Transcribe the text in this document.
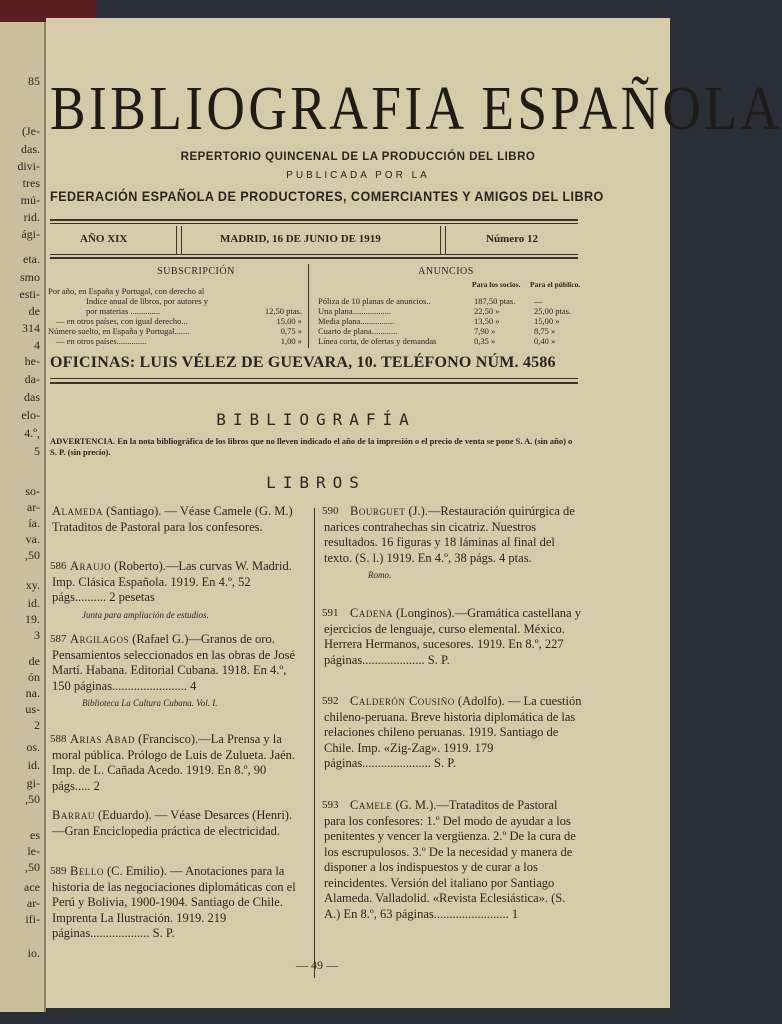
85
(Je-
das.
divi-
tres
mú-
rid.
ági-
eta.
smo
esti-
de
314
4
he-
da-
das
elo-
4.º,
5
so-
ar-
ía.
va.
,50
xy.
id.
19.
3
de
ón
na.
us-
2
os.
id.
gi-
,50
es
le-
,50
ace
ar-
ifi-
io.
BIBLIOGRAFIA ESPAÑOLA
REPERTORIO QUINCENAL DE LA PRODUCCIÓN DEL LIBRO
PUBLICADA POR LA
FEDERACIÓN ESPAÑOLA DE PRODUCTORES, COMERCIANTES Y AMIGOS DEL LIBRO
AÑO XIX	MADRID, 16 DE JUNIO DE 1919	Número 12
SUBSCRIPCIÓN	ANUNCIOS
Por año, en España y Portugal, con derecho al
Indice anual de libros, por autores y
por materias ..............	12,50 ptas.
— en otros países, con igual derecho...	15,00 »
Número suelto, en España y Portugal.......	0,75 »
— en otros países..............	1,00 »
Para los socios. Para el público.
Póliza de 10 planas de anuncios..	187,50 ptas. —
Una plana..................	22,50 »	25,00 ptas.
Media plana................	13,50 »	15,00 »
Cuarto de plana............	7,90 »	8,75 »
Línea corta, de ofertas y demandas	0,35 »	0,40 »
OFICINAS: LUIS VÉLEZ DE GUEVARA, 10. TELÉFONO NÚM. 4586
BIBLIOGRAFÍA
ADVERTENCIA. En la nota bibliográfica de los libros que no lleven indicado el año de la impresión o el precio de venta se pone S. A. (sin año) o S. P. (sin precio).
LIBROS
Alameda (Santiago). — Véase Camele (G. M.) Trataditos de Pastoral para los confesores.
586 Araujo (Roberto).—Las curvas W. Madrid. Imp. Clásica Española. 1919. En 4.º, 52 págs.......... 2 pesetas
Junta para ampliación de estudios.
587 Argilagos (Rafael G.)—Granos de oro. Pensamientos seleccionados en las obras de José Martí. Habana. Editorial Cubana. 1918. En 4.º, 150 páginas........................ 4
Biblioteca La Cultura Cubana. Vol. I.
588 Arias Abad (Francisco).—La Prensa y la moral pública. Prólogo de Luis de Zulueta. Jaén. Imp. de L. Cañada Acedo. 1919. En 8.º, 90 págs..... 2
Barrau (Eduardo). — Véase Desarces (Henri).—Gran Enciclopedia práctica de electricidad.
589 Bello (C. Emilio). — Anotaciones para la historia de las negociaciones diplomáticas con el Perú y Bolivia, 1900-1904. Santiago de Chile. Imprenta La Ilustración. 1919. 219 páginas................... S. P.
590 Bourguet (J.).—Restauración quirúrgica de narices contrahechas sin cicatriz. Nuestros resultados. 16 figuras y 18 láminas al final del texto. (S. l.) 1919. En 4.º, 38 págs. 4 ptas.
Romo.
591 Cadena (Longinos).—Gramática castellana y ejercicios de lenguaje, curso elemental. México. Herrera Hermanos, sucesores. 1919. En 8.º, 227 páginas.................... S. P.
592 Calderón Cousiño (Adolfo). — La cuestión chileno-peruana. Breve historia diplomática de las relaciones chileno peruanas. 1919. Santiago de Chile. Imp. «Zig-Zag». 1919. 179 páginas...................... S. P.
593 Camele (G. M.).—Trataditos de Pastoral para los confesores: 1.º Del modo de ayudar a los penitentes y vencer la vergüenza. 2.º De la cura de los escrupulosos. 3.º De la necesidad y manera de disponer a los indispuestos y de curar a los reincidentes. Versión del italiano por Santiago Alameda. Valladolid. «Revista Eclesiástica». (S. A.) En 8.º, 63 páginas........................ 1
— 49 —
